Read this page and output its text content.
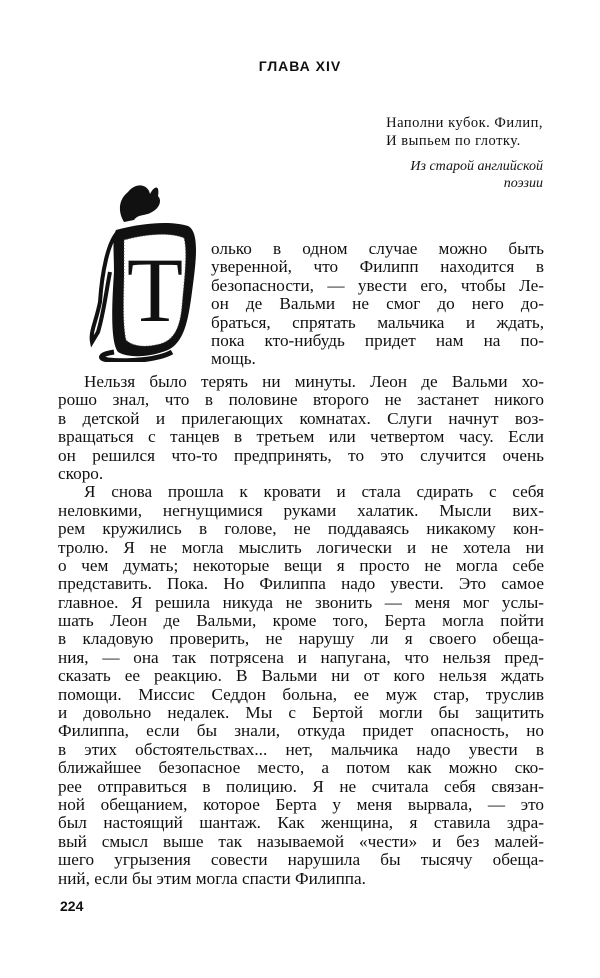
ГЛАВА XIV
Наполни кубок. Филип,
И выпьем по глотку.
Из старой английской
поэзии
Т олько в одном случае можно быть
уверенной, что Филипп находится в
безопасности, — увести его, чтобы Ле-
он де Вальми не смог до него до-
браться, спрятать мальчика и ждать,
пока кто-нибудь придет нам на по-
мощь.
Нельзя было терять ни минуты. Леон де Вальми хо-
рошо знал, что в половине второго не застанет никого
в детской и прилегающих комнатах. Слуги начнут воз-
вращаться с танцев в третьем или четвертом часу. Если
он решился что-то предпринять, то это случится очень
скоро.
Я снова прошла к кровати и стала сдирать с себя
неловкими, негнущимися руками халатик. Мысли вих-
рем кружились в голове, не поддаваясь никакому кон-
тролю. Я не могла мыслить логически и не хотела ни
о чем думать; некоторые вещи я просто не могла себе
представить. Пока. Но Филиппа надо увести. Это самое
главное. Я решила никуда не звонить — меня мог услы-
шать Леон де Вальми, кроме того, Берта могла пойти
в кладовую проверить, не нарушу ли я своего обеща-
ния, — она так потрясена и напугана, что нельзя пред-
сказать ее реакцию. В Вальми ни от кого нельзя ждать
помощи. Миссис Седдон больна, ее муж стар, труслив
и довольно недалек. Мы с Бертой могли бы защитить
Филиппа, если бы знали, откуда придет опасность, но
в этих обстоятельствах... нет, мальчика надо увести в
ближайшее безопасное место, а потом как можно ско-
рее отправиться в полицию. Я не считала себя связан-
ной обещанием, которое Берта у меня вырвала, — это
был настоящий шантаж. Как женщина, я ставила здра-
вый смысл выше так называемой «чести» и без малей-
шего угрызения совести нарушила бы тысячу обеща-
ний, если бы этим могла спасти Филиппа.
224
